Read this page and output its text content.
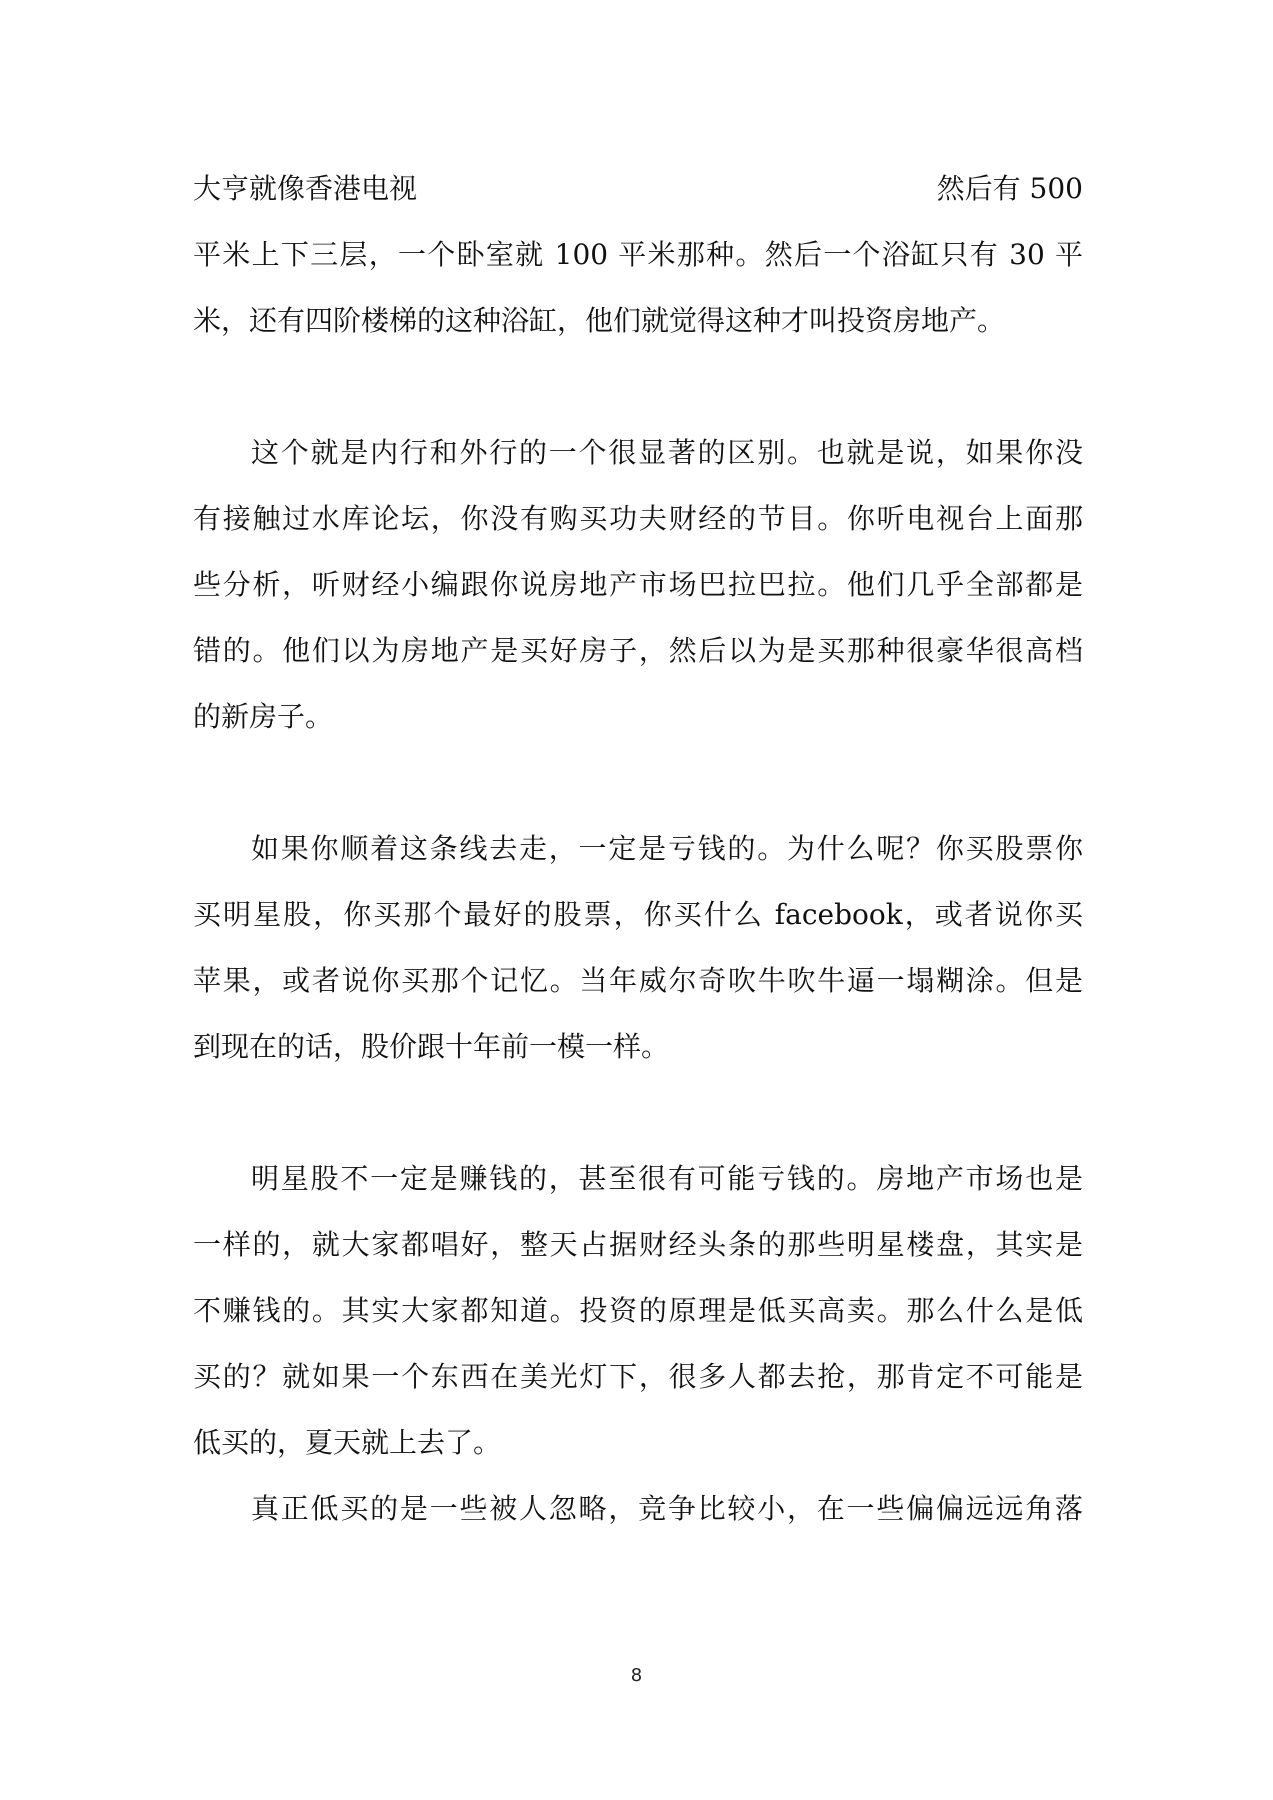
大亨就像香港电视	然后有 500
平米上下三层，一个卧室就 100 平米那种。然后一个浴缸只有 30 平
米，还有四阶楼梯的这种浴缸，他们就觉得这种才叫投资房地产。
这个就是内行和外行的一个很显著的区别。也就是说，如果你没
有接触过水库论坛，你没有购买功夫财经的节目。你听电视台上面那
些分析，听财经小编跟你说房地产市场巴拉巴拉。他们几乎全部都是
错的。他们以为房地产是买好房子，然后以为是买那种很豪华很高档
的新房子。
如果你顺着这条线去走，一定是亏钱的。为什么呢？你买股票你
买明星股，你买那个最好的股票，你买什么 facebook，或者说你买
苹果，或者说你买那个记忆。当年威尔奇吹牛吹牛逼一塌糊涂。但是
到现在的话，股价跟十年前一模一样。
明星股不一定是赚钱的，甚至很有可能亏钱的。房地产市场也是
一样的，就大家都唱好，整天占据财经头条的那些明星楼盘，其实是
不赚钱的。其实大家都知道。投资的原理是低买高卖。那么什么是低
买的？就如果一个东西在美光灯下，很多人都去抢，那肯定不可能是
低买的，夏天就上去了。
真正低买的是一些被人忽略，竞争比较小，在一些偏偏远远角落
8
